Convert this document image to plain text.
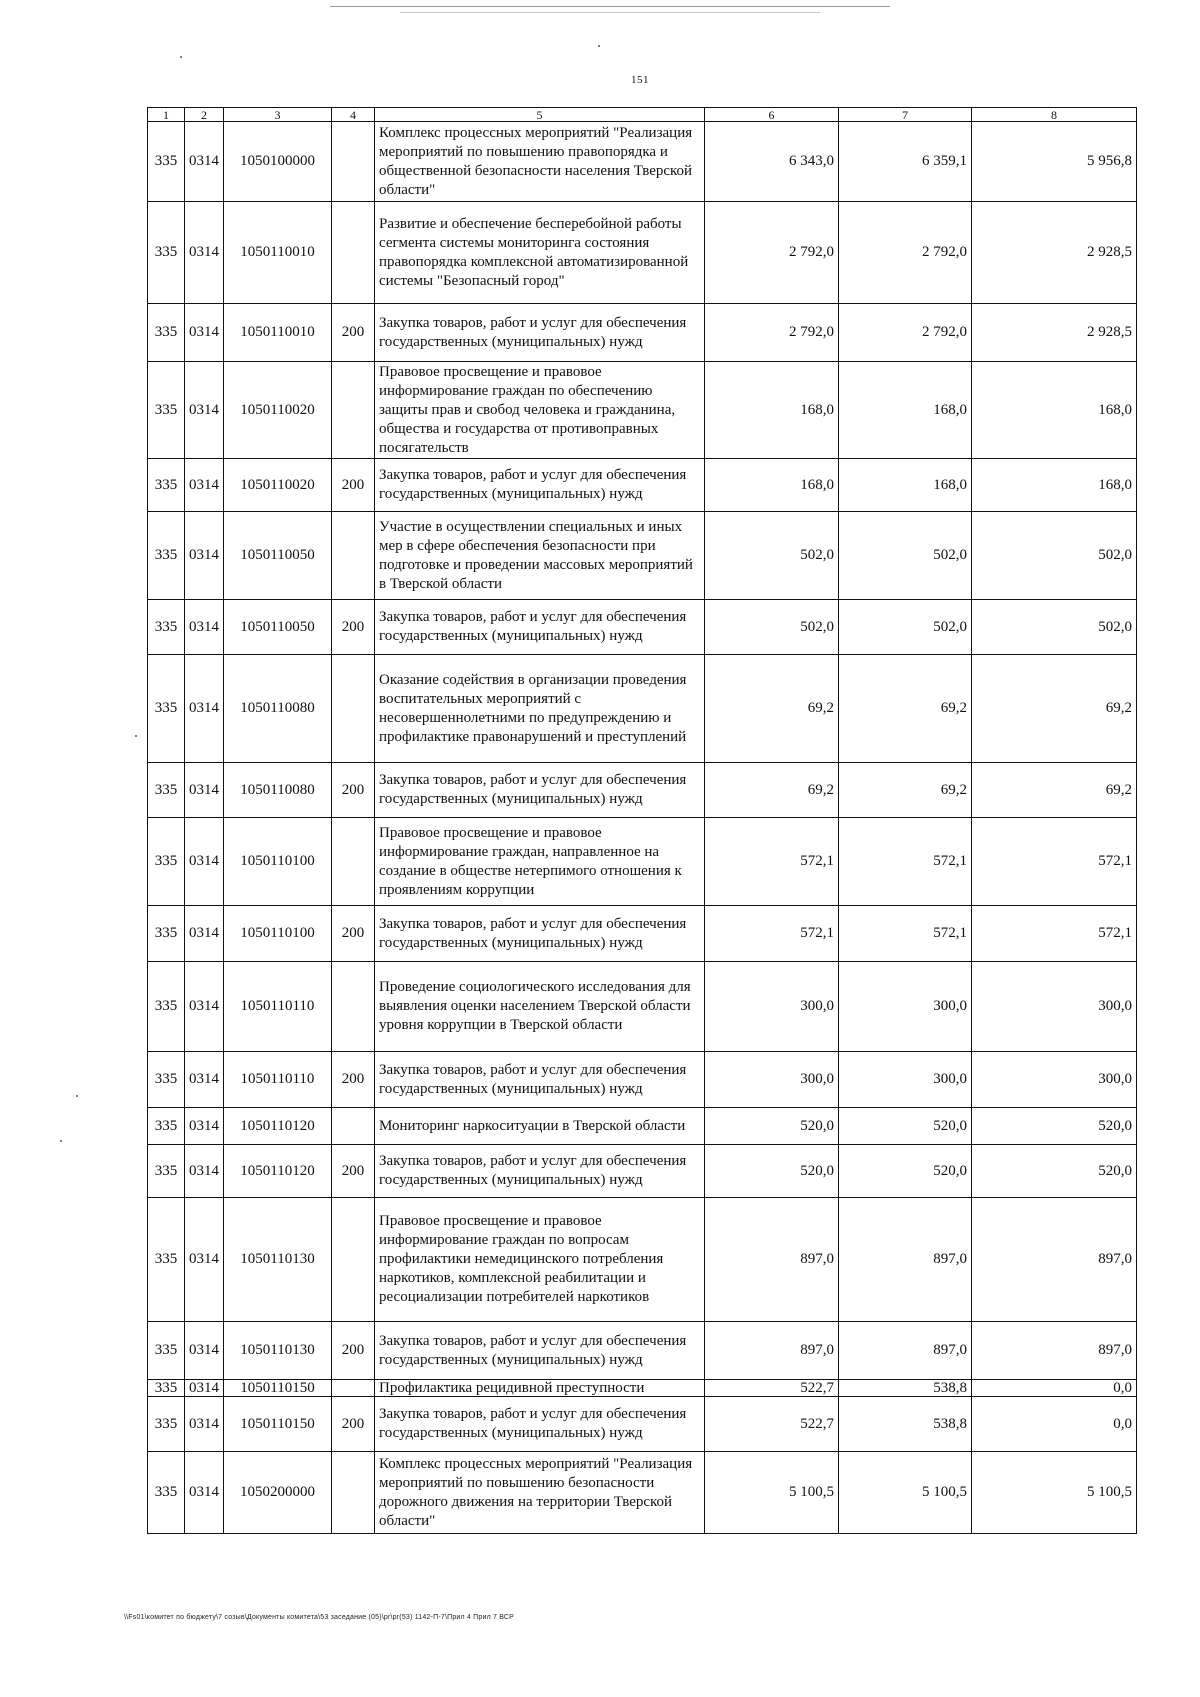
151
1	2	3	4	5	6	7	8
335	0314	1050100000		Комплекс процессных мероприятий "Реализация мероприятий по повышению правопорядка и общественной безопасности населения Тверской области"	6 343,0	6 359,1	5 956,8
335	0314	1050110010		Развитие и обеспечение бесперебойной работы сегмента системы мониторинга состояния правопорядка комплексной автоматизированной системы "Безопасный город"	2 792,0	2 792,0	2 928,5
335	0314	1050110010	200	Закупка товаров, работ и услуг для обеспечения государственных (муниципальных) нужд	2 792,0	2 792,0	2 928,5
335	0314	1050110020		Правовое просвещение и правовое информирование граждан по обеспечению защиты прав и свобод человека и гражданина, общества и государства от противоправных посягательств	168,0	168,0	168,0
335	0314	1050110020	200	Закупка товаров, работ и услуг для обеспечения государственных (муниципальных) нужд	168,0	168,0	168,0
335	0314	1050110050		Участие в осуществлении специальных и иных мер в сфере обеспечения безопасности при подготовке и проведении массовых мероприятий в Тверской области	502,0	502,0	502,0
335	0314	1050110050	200	Закупка товаров, работ и услуг для обеспечения государственных (муниципальных) нужд	502,0	502,0	502,0
335	0314	1050110080		Оказание содействия в организации проведения воспитательных мероприятий с несовершеннолетними по предупреждению и профилактике правонарушений и преступлений	69,2	69,2	69,2
335	0314	1050110080	200	Закупка товаров, работ и услуг для обеспечения государственных (муниципальных) нужд	69,2	69,2	69,2
335	0314	1050110100		Правовое просвещение и правовое информирование граждан, направленное на создание в обществе нетерпимого отношения к проявлениям коррупции	572,1	572,1	572,1
335	0314	1050110100	200	Закупка товаров, работ и услуг для обеспечения государственных (муниципальных) нужд	572,1	572,1	572,1
335	0314	1050110110		Проведение социологического исследования для выявления оценки населением Тверской области уровня коррупции в Тверской области	300,0	300,0	300,0
335	0314	1050110110	200	Закупка товаров, работ и услуг для обеспечения государственных (муниципальных) нужд	300,0	300,0	300,0
335	0314	1050110120		Мониторинг наркоситуации в Тверской области	520,0	520,0	520,0
335	0314	1050110120	200	Закупка товаров, работ и услуг для обеспечения государственных (муниципальных) нужд	520,0	520,0	520,0
335	0314	1050110130		Правовое просвещение и правовое информирование граждан по вопросам профилактики немедицинского потребления наркотиков, комплексной реабилитации и ресоциализации потребителей наркотиков	897,0	897,0	897,0
335	0314	1050110130	200	Закупка товаров, работ и услуг для обеспечения государственных (муниципальных) нужд	897,0	897,0	897,0
335	0314	1050110150		Профилактика рецидивной преступности	522,7	538,8	0,0
335	0314	1050110150	200	Закупка товаров, работ и услуг для обеспечения государственных (муниципальных) нужд	522,7	538,8	0,0
335	0314	1050200000		Комплекс процессных мероприятий "Реализация мероприятий по повышению безопасности дорожного движения на территории Тверской области"	5 100,5	5 100,5	5 100,5
\\Fs01\комитет по бюджету\7 созыв\Документы комитета\53 заседание (05)\pr\pr(53) 1142-П-7\Прил 4 Прил 7 ВСР
